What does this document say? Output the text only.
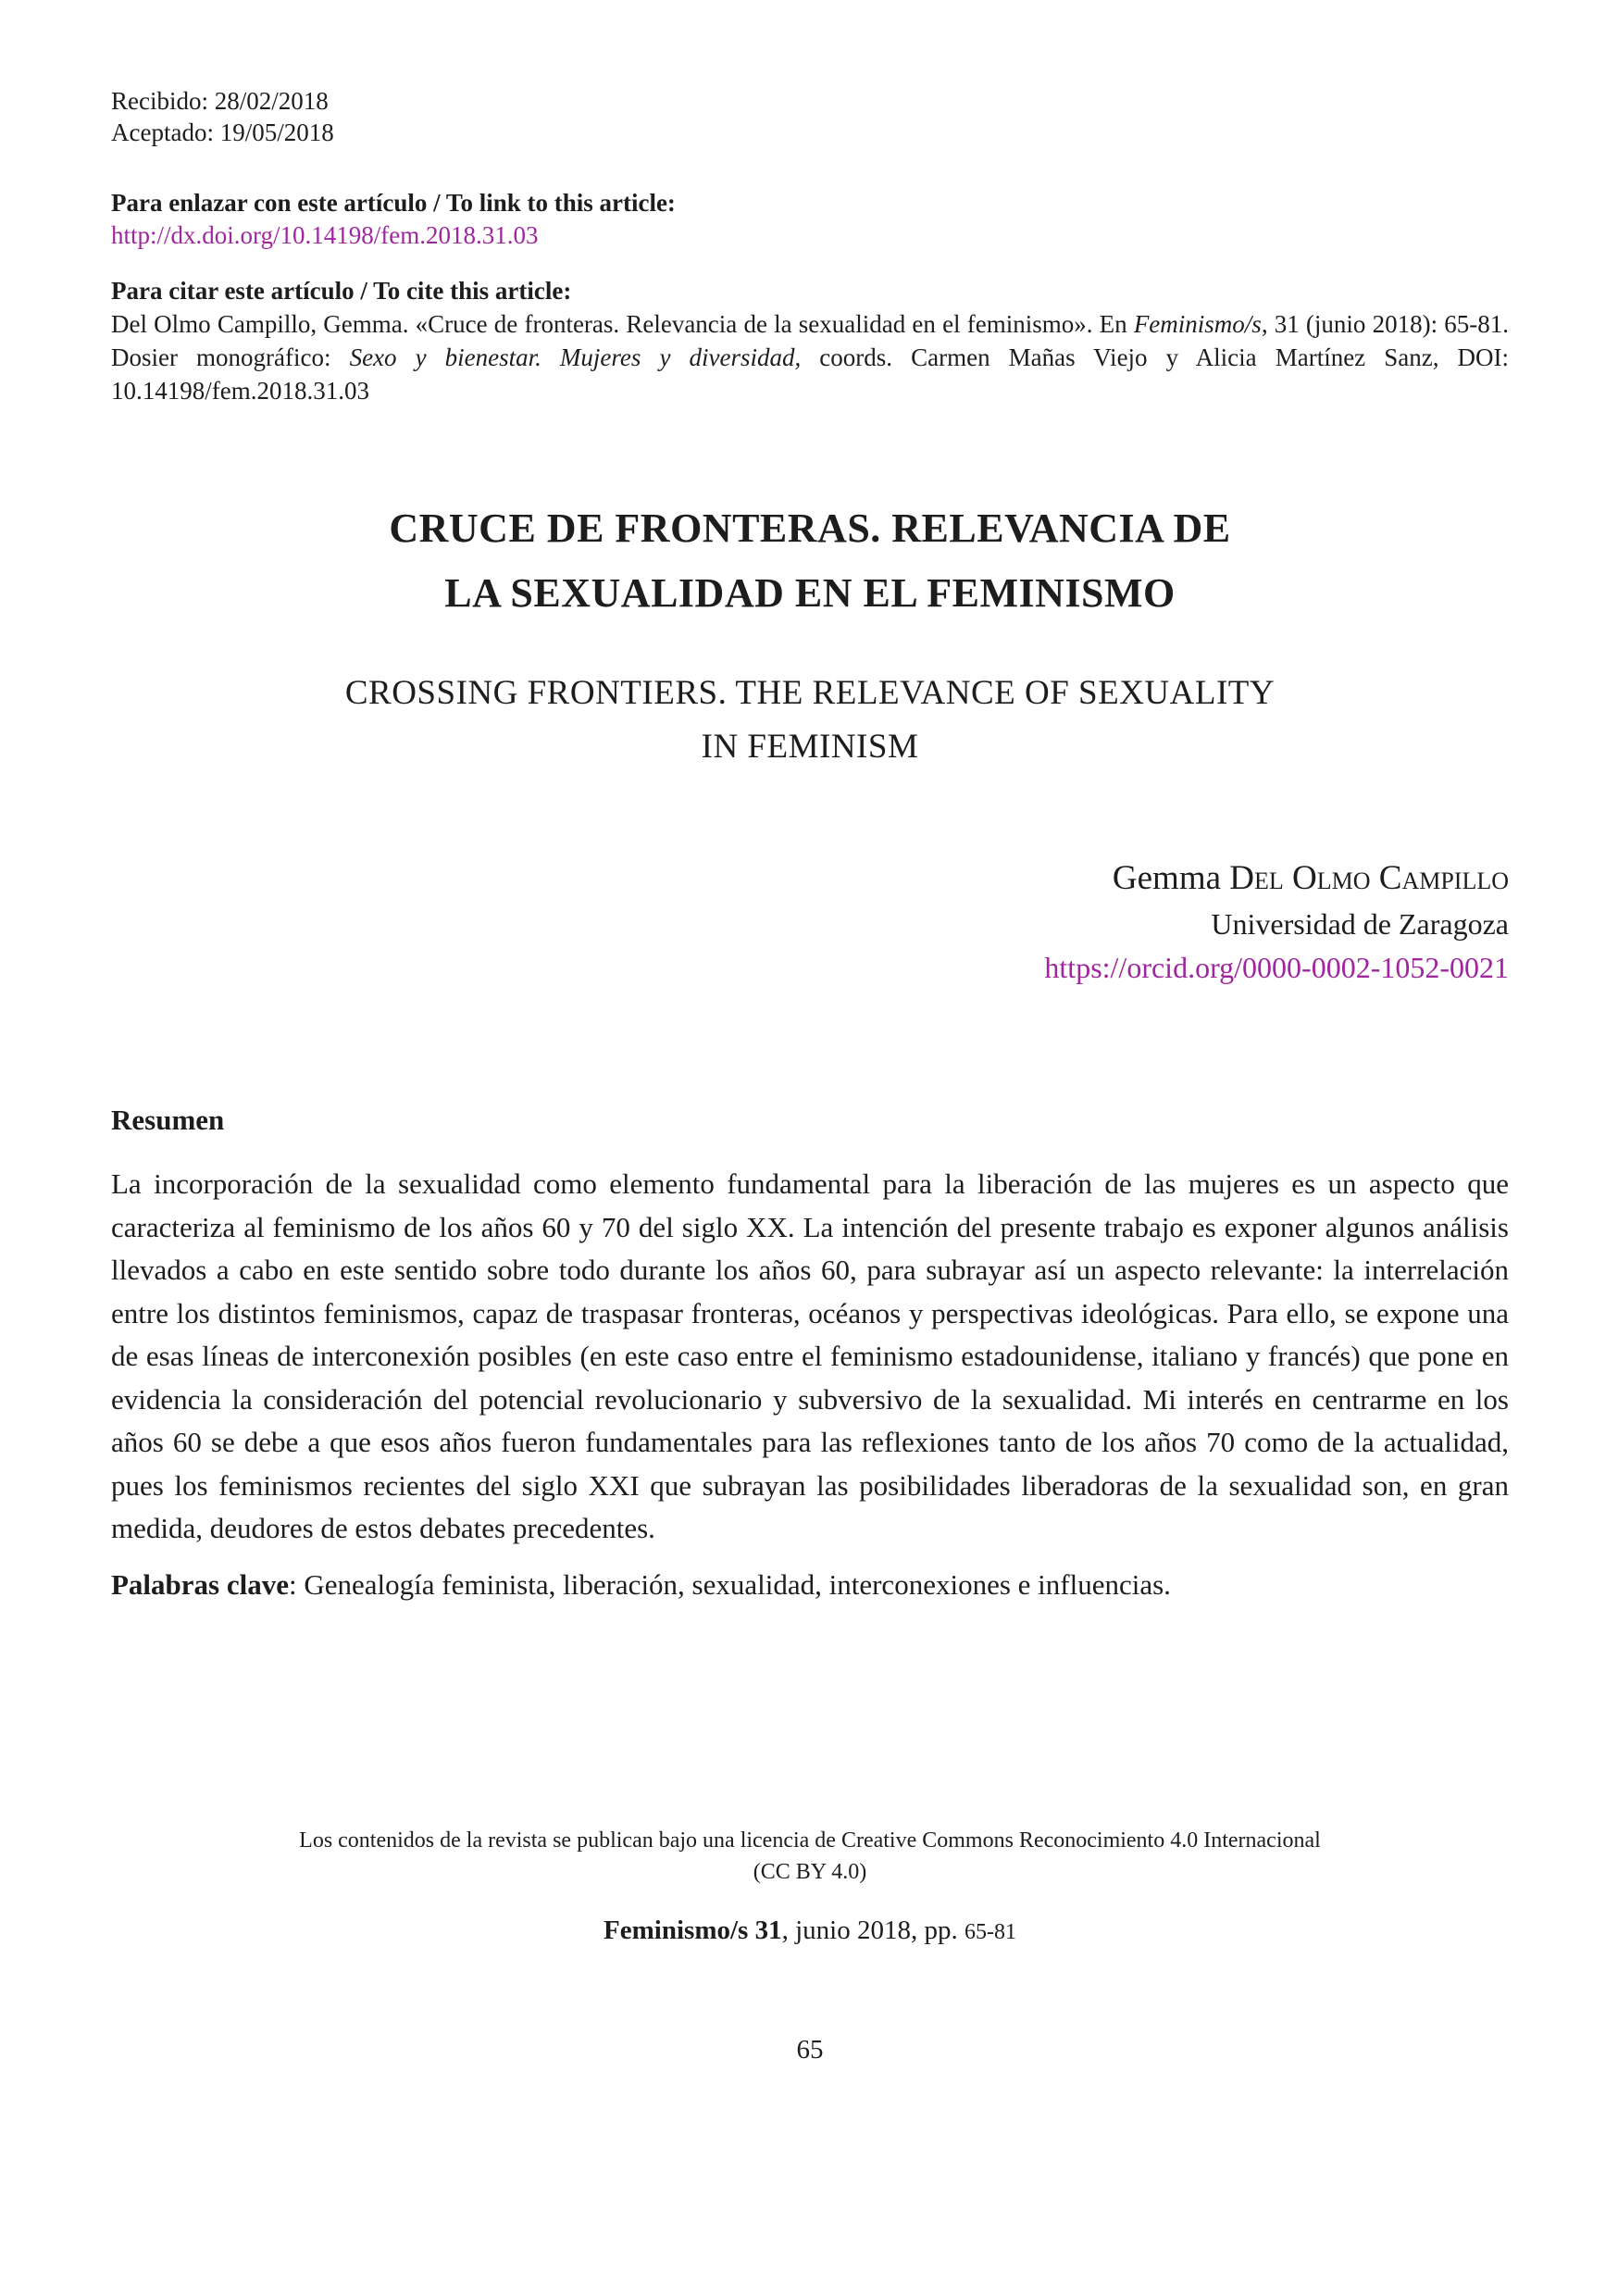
Recibido: 28/02/2018
Aceptado: 19/05/2018
Para enlazar con este artículo / To link to this article:
http://dx.doi.org/10.14198/fem.2018.31.03
Para citar este artículo / To cite this article:
Del Olmo Campillo, Gemma. «Cruce de fronteras. Relevancia de la sexualidad en el feminismo». En Feminismo/s, 31 (junio 2018): 65-81. Dosier monográfico: Sexo y bienestar. Mujeres y diversidad, coords. Carmen Mañas Viejo y Alicia Martínez Sanz, DOI: 10.14198/fem.2018.31.03
CRUCE DE FRONTERAS. RELEVANCIA DE
LA SEXUALIDAD EN EL FEMINISMO
CROSSING FRONTIERS. THE RELEVANCE OF SEXUALITY
IN FEMINISM
Gemma Del Olmo Campillo
Universidad de Zaragoza
https://orcid.org/0000-0002-1052-0021
Resumen
La incorporación de la sexualidad como elemento fundamental para la liberación de las mujeres es un aspecto que caracteriza al feminismo de los años 60 y 70 del siglo XX. La intención del presente trabajo es exponer algunos análisis llevados a cabo en este sentido sobre todo durante los años 60, para subrayar así un aspecto relevante: la interrelación entre los distintos feminismos, capaz de traspasar fronteras, océanos y perspectivas ideológicas. Para ello, se expone una de esas líneas de interconexión posibles (en este caso entre el feminismo estadounidense, italiano y francés) que pone en evidencia la consideración del potencial revolucionario y subversivo de la sexualidad. Mi interés en centrarme en los años 60 se debe a que esos años fueron fundamentales para las reflexiones tanto de los años 70 como de la actualidad, pues los feminismos recientes del siglo XXI que subrayan las posibilidades liberadoras de la sexualidad son, en gran medida, deudores de estos debates precedentes.
Palabras clave: Genealogía feminista, liberación, sexualidad, interconexiones e influencias.
Los contenidos de la revista se publican bajo una licencia de Creative Commons Reconocimiento 4.0 Internacional
(CC BY 4.0)
Feminismo/s 31, junio 2018, pp. 65-81
65
